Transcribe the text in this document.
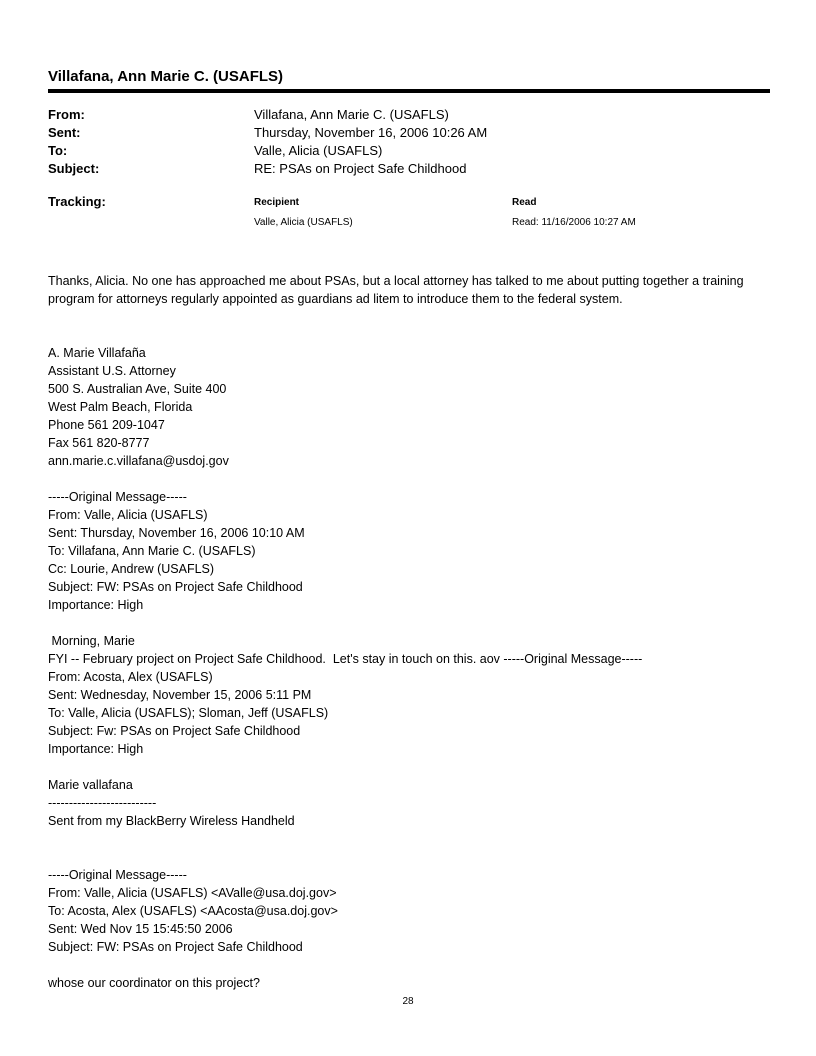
Villafana, Ann Marie C. (USAFLS)
From:	Villafana, Ann Marie C. (USAFLS)
Sent:	Thursday, November 16, 2006 10:26 AM
To:	Valle, Alicia (USAFLS)
Subject:	RE: PSAs on Project Safe Childhood
Tracking:	Recipient	Read
Valle, Alicia (USAFLS)	Read: 11/16/2006 10:27 AM

Thanks, Alicia. No one has approached me about PSAs, but a local attorney has talked to me about putting together a training program for attorneys regularly appointed as guardians ad litem to introduce them to the federal system.

A. Marie Villafaña
Assistant U.S. Attorney
500 S. Australian Ave, Suite 400
West Palm Beach, Florida
Phone 561 209-1047
Fax 561 820-8777
ann.marie.c.villafana@usdoj.gov
-----Original Message-----
From: Valle, Alicia (USAFLS)
Sent: Thursday, November 16, 2006 10:10 AM
To: Villafana, Ann Marie C. (USAFLS)
Cc: Lourie, Andrew (USAFLS)
Subject: FW: PSAs on Project Safe Childhood
Importance: High
Morning, Marie
FYI -- February project on Project Safe Childhood.  Let's stay in touch on this. aov -----Original Message-----
From: Acosta, Alex (USAFLS)
Sent: Wednesday, November 15, 2006 5:11 PM
To: Valle, Alicia (USAFLS); Sloman, Jeff (USAFLS)
Subject: Fw: PSAs on Project Safe Childhood
Importance: High
Marie vallafana
--------------------------
Sent from my BlackBerry Wireless Handheld
-----Original Message-----
From: Valle, Alicia (USAFLS) <AValle@usa.doj.gov>
To: Acosta, Alex (USAFLS) <AAcosta@usa.doj.gov>
Sent: Wed Nov 15 15:45:50 2006
Subject: FW: PSAs on Project Safe Childhood
whose our coordinator on this project?
28
